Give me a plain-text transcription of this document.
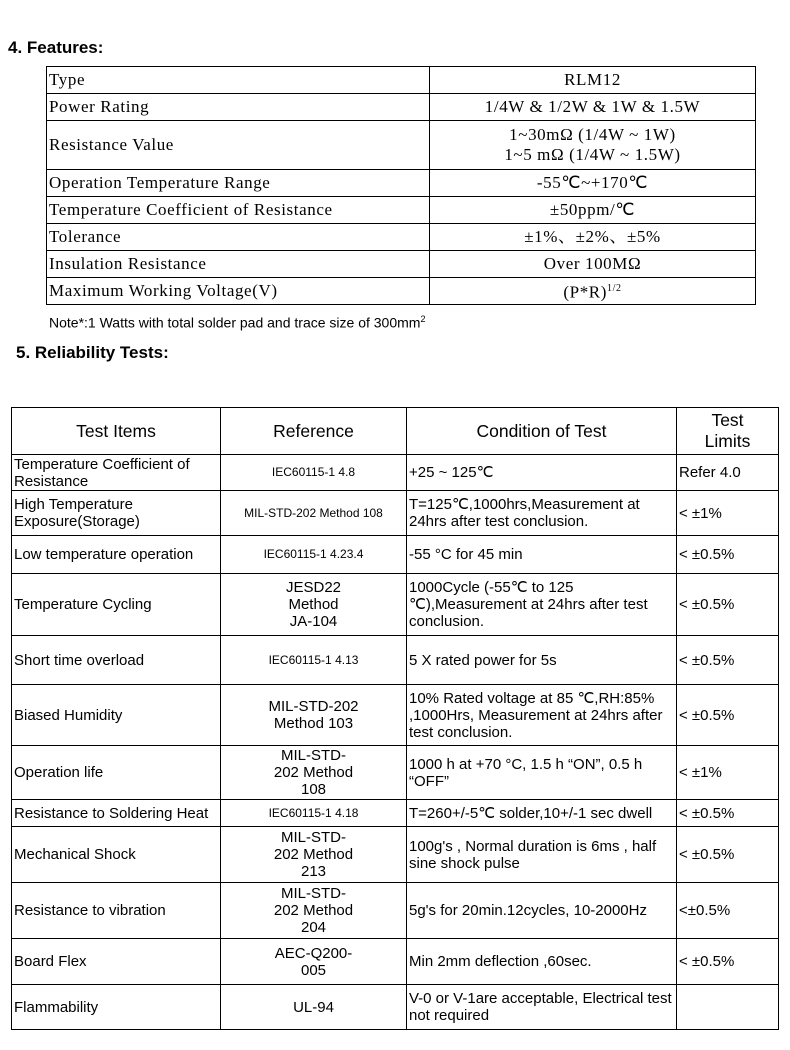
4. Features:
Type	RLM12
Power Rating	1/4W & 1/2W & 1W & 1.5W
Resistance Value	1~30mΩ (1/4W ~ 1W)
1~5 mΩ (1/4W ~ 1.5W)

Operation Temperature Range	-55℃~+170℃
Temperature Coefficient of Resistance	±50ppm/℃
Tolerance	±1%、±2%、±5%
Insulation Resistance	Over 100MΩ
Maximum Working Voltage(V)	$(P*R)^{1/2}$
Note*:1 Watts with total solder pad and trace size of $300mm^2$
5. Reliability Tests:
Test Items	Reference	Condition of Test	Test
Limits

Temperature Coefficient of Resistance	IEC60115-1 4.8	+25 ~ 125℃	Refer 4.0
High Temperature Exposure(Storage)	MIL-STD-202 Method 108	T=125℃,1000hrs,Measurement at 24hrs after test conclusion.	< ±1%
Low temperature operation	IEC60115-1 4.23.4	-55 °C for 45 min	< ±0.5%
Temperature Cycling	JESD22 Method JA-104	1000Cycle (-55℃ to 125 ℃),Measurement at 24hrs after test conclusion.	< ±0.5%
Short time overload	IEC60115-1 4.13	5 X rated power for 5s	< ±0.5%
Biased Humidity	MIL-STD-202 Method 103	10% Rated voltage at 85 ℃,RH:85% ,1000Hrs, Measurement at 24hrs after test conclusion.	< ±0.5%
Operation life	MIL-STD-202 Method 108	1000 h at +70 °C, 1.5 h “ON”, 0.5 h “OFF”	< ±1%
Resistance to Soldering Heat	IEC60115-1 4.18	T=260+/-5℃ solder,10+/-1 sec dwell	< ±0.5%
Mechanical Shock	MIL-STD-202 Method 213	100g's , Normal duration is 6ms , half sine shock pulse	< ±0.5%
Resistance to vibration	MIL-STD-202 Method 204	5g's for 20min.12cycles, 10-2000Hz	<±0.5%
Board Flex	AEC-Q200-005	Min 2mm deflection ,60sec.	< ±0.5%
Flammability	UL-94	V-0 or V-1are acceptable, Electrical test not required	
